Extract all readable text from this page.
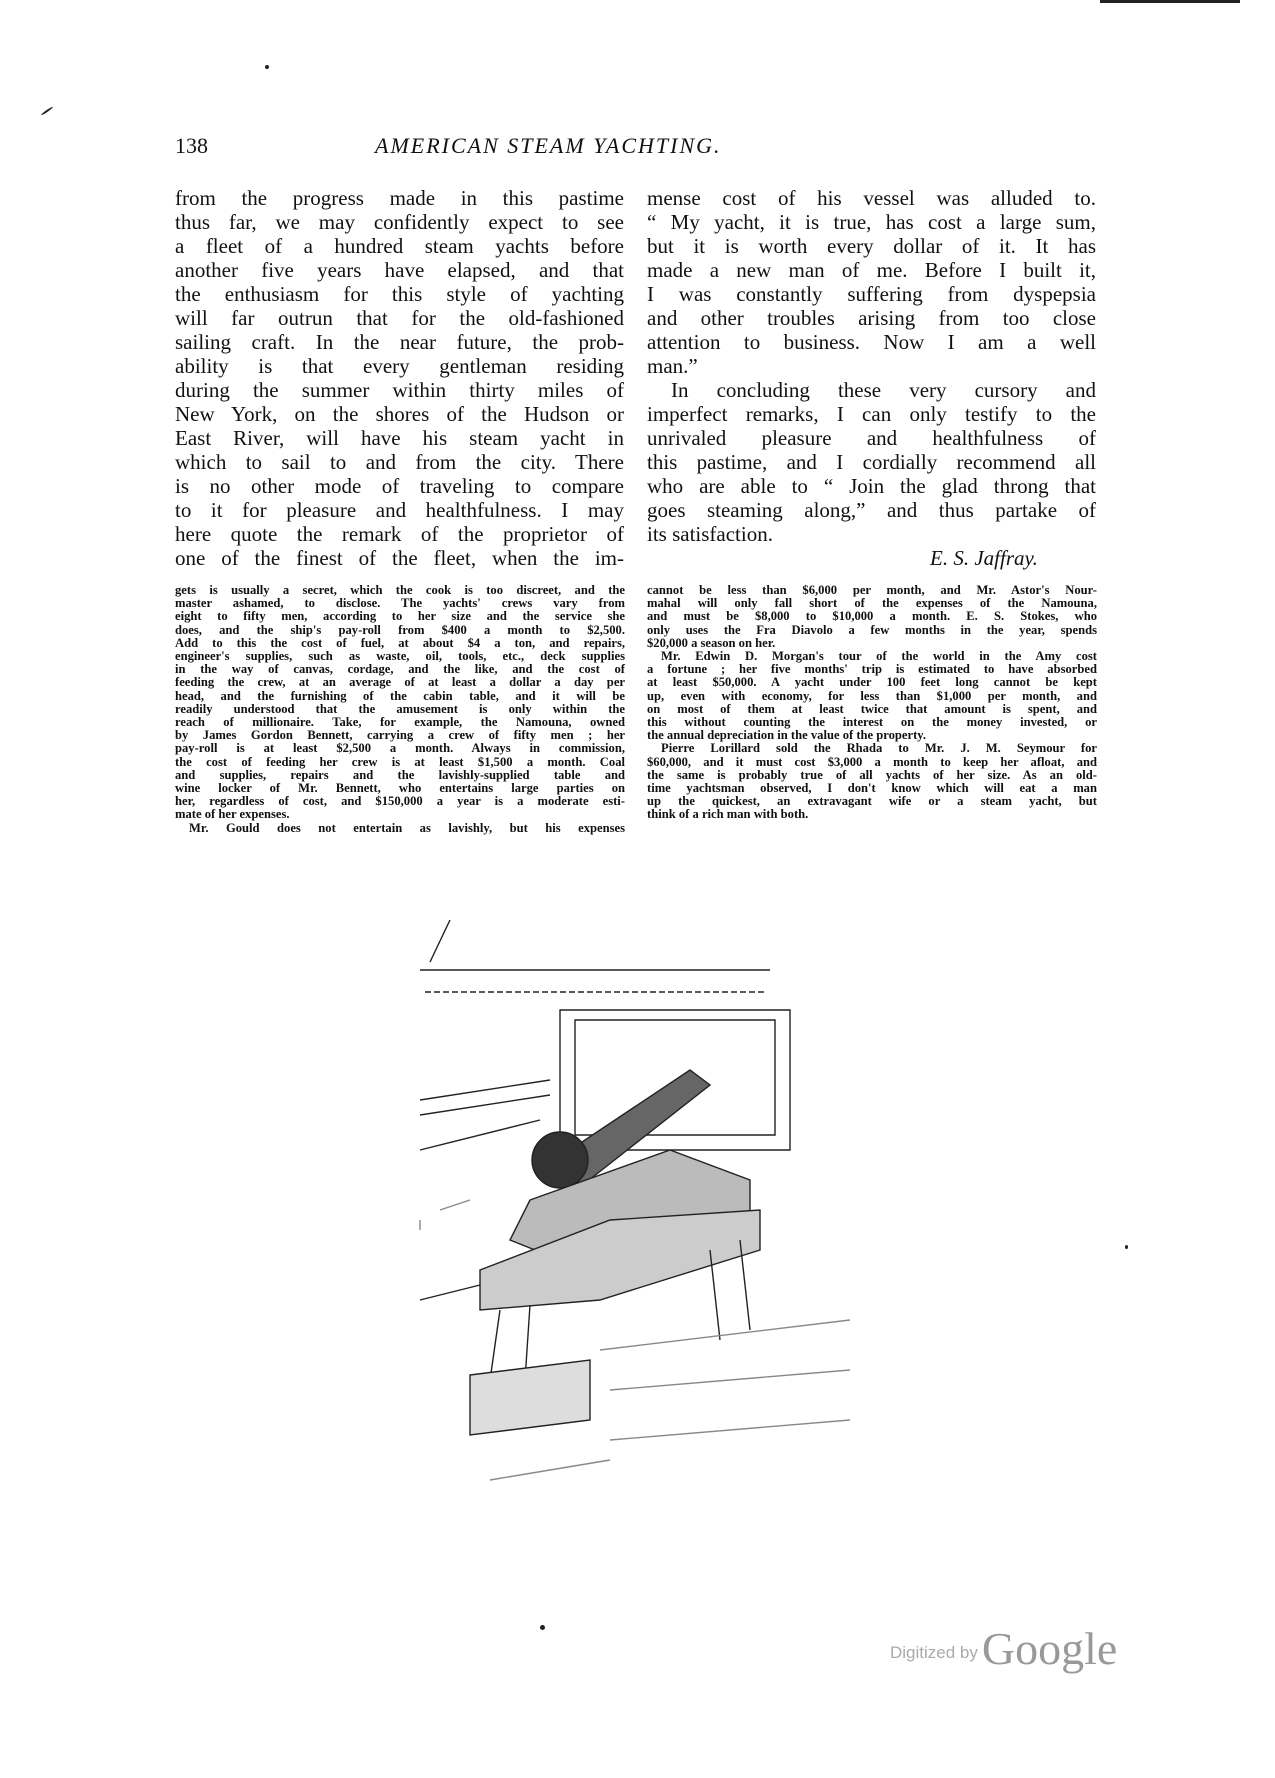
138	AMERICAN STEAM YACHTING.
from the progress made in this pastime
thus far, we may confidently expect to see
a fleet of a hundred steam yachts before
another five years have elapsed, and that
the enthusiasm for this style of yachting
will far outrun that for the old-fashioned
sailing craft. In the near future, the prob-
ability is that every gentleman residing
during the summer within thirty miles of
New York, on the shores of the Hudson or
East River, will have his steam yacht in
which to sail to and from the city. There
is no other mode of traveling to compare
to it for pleasure and healthfulness. I may
here quote the remark of the proprietor of
one of the finest of the fleet, when the im-
mense cost of his vessel was alluded to.
“ My yacht, it is true, has cost a large sum,
but it is worth every dollar of it. It has
made a new man of me. Before I built it,
I was constantly suffering from dyspepsia
and other troubles arising from too close
attention to business. Now I am a well
man.”
In concluding these very cursory and
imperfect remarks, I can only testify to the
unrivaled pleasure and healthfulness of
this pastime, and I cordially recommend all
who are able to “ Join the glad throng that
goes steaming along,” and thus partake of
its satisfaction.
E. S. Jaffray.
gets is usually a secret, which the cook is too discreet, and the
master ashamed, to disclose. The yachts' crews vary from
eight to fifty men, according to her size and the service she
does, and the ship's pay-roll from $400 a month to $2,500.
Add to this the cost of fuel, at about $4 a ton, and repairs,
engineer's supplies, such as waste, oil, tools, etc., deck supplies
in the way of canvas, cordage, and the like, and the cost of
feeding the crew, at an average of at least a dollar a day per
head, and the furnishing of the cabin table, and it will be
readily understood that the amusement is only within the
reach of millionaire. Take, for example, the Namouna, owned
by James Gordon Bennett, carrying a crew of fifty men ; her
pay-roll is at least $2,500 a month. Always in commission,
the cost of feeding her crew is at least $1,500 a month. Coal
and supplies, repairs and the lavishly-supplied table and
wine locker of Mr. Bennett, who entertains large parties on
her, regardless of cost, and $150,000 a year is a moderate esti-
mate of her expenses.
Mr. Gould does not entertain as lavishly, but his expenses
cannot be less than $6,000 per month, and Mr. Astor's Nour-
mahal will only fall short of the expenses of the Namouna,
and must be $8,000 to $10,000 a month. E. S. Stokes, who
only uses the Fra Diavolo a few months in the year, spends
$20,000 a season on her.
Mr. Edwin D. Morgan's tour of the world in the Amy cost
a fortune ; her five months' trip is estimated to have absorbed
at least $50,000. A yacht under 100 feet long cannot be kept
up, even with economy, for less than $1,000 per month, and
on most of them at least twice that amount is spent, and
this without counting the interest on the money invested, or
the annual depreciation in the value of the property.
Pierre Lorillard sold the Rhada to Mr. J. M. Seymour for
$60,000, and it must cost $3,000 a month to keep her afloat, and
the same is probably true of all yachts of her size. As an old-
time yachtsman observed, I don't know which will eat a man
up the quickest, an extravagant wife or a steam yacht, but
think of a rich man with both.
Digitized by Google
